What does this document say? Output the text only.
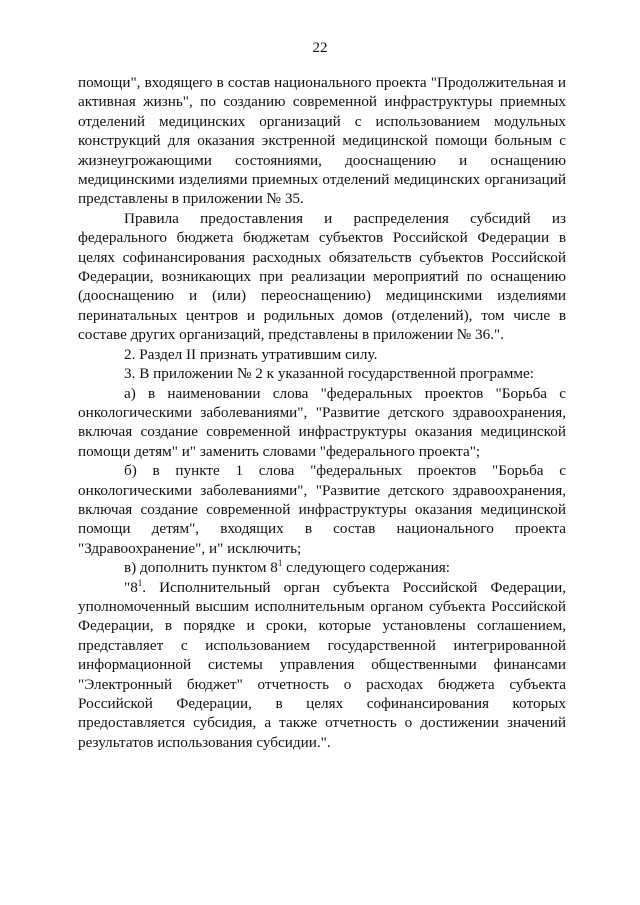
22

помощи", входящего в состав национального проекта "Продолжительная и активная жизнь", по созданию современной инфраструктуры приемных отделений медицинских организаций с использованием модульных конструкций для оказания экстренной медицинской помощи больным с жизнеугрожающими состояниями, дооснащению и оснащению медицинскими изделиями приемных отделений медицинских организаций представлены в приложении № 35.

Правила предоставления и распределения субсидий из федерального бюджета бюджетам субъектов Российской Федерации в целях софинансирования расходных обязательств субъектов Российской Федерации, возникающих при реализации мероприятий по оснащению (дооснащению и (или) переоснащению) медицинскими изделиями перинатальных центров и родильных домов (отделений), том числе в составе других организаций, представлены в приложении № 36.".

2. Раздел II признать утратившим силу.

3. В приложении № 2 к указанной государственной программе:

а) в наименовании слова "федеральных проектов "Борьба с онкологическими заболеваниями", "Развитие детского здравоохранения, включая создание современной инфраструктуры оказания медицинской помощи детям" и" заменить словами "федерального проекта";

б) в пункте 1 слова "федеральных проектов "Борьба с онкологическими заболеваниями", "Развитие детского здравоохранения, включая создание современной инфраструктуры оказания медицинской помощи детям", входящих в состав национального проекта "Здравоохранение", и" исключить;

в) дополнить пунктом $8^1$ следующего содержания:

"$8^1$. Исполнительный орган субъекта Российской Федерации, уполномоченный высшим исполнительным органом субъекта Российской Федерации, в порядке и сроки, которые установлены соглашением, представляет с использованием государственной интегрированной информационной системы управления общественными финансами "Электронный бюджет" отчетность о расходах бюджета субъекта Российской Федерации, в целях софинансирования которых предоставляется субсидия, а также отчетность о достижении значений результатов использования субсидии.".
